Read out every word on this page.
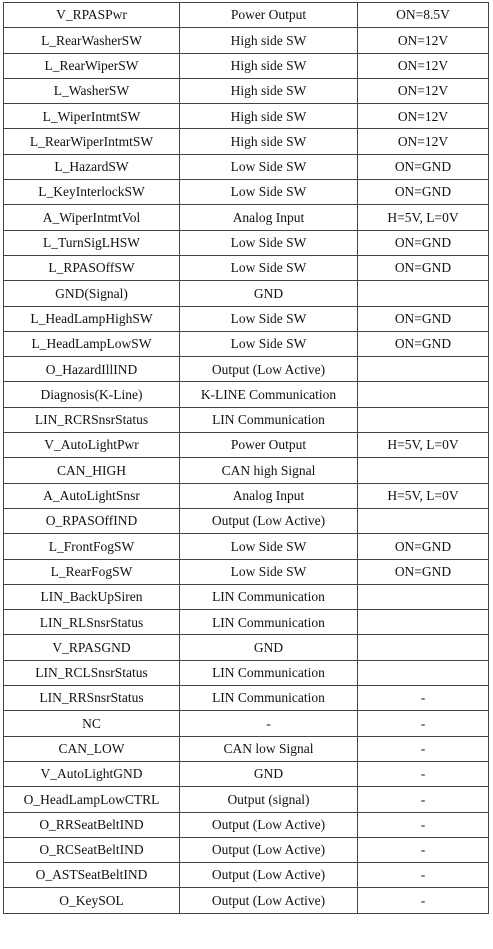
V_RPASPwr	Power Output	ON=8.5V
L_RearWasherSW	High side SW	ON=12V
L_RearWiperSW	High side SW	ON=12V
L_WasherSW	High side SW	ON=12V
L_WiperIntmtSW	High side SW	ON=12V
L_RearWiperIntmtSW	High side SW	ON=12V
L_HazardSW	Low Side SW	ON=GND
L_KeyInterlockSW	Low Side SW	ON=GND
A_WiperIntmtVol	Analog Input	H=5V, L=0V
L_TurnSigLHSW	Low Side SW	ON=GND
L_RPASOffSW	Low Side SW	ON=GND
GND(Signal)	GND	
L_HeadLampHighSW	Low Side SW	ON=GND
L_HeadLampLowSW	Low Side SW	ON=GND
O_HazardIllIND	Output (Low Active)	
Diagnosis(K-Line)	K-LINE Communication	
LIN_RCRSnsrStatus	LIN Communication	
V_AutoLightPwr	Power Output	H=5V, L=0V
CAN_HIGH	CAN high Signal	
A_AutoLightSnsr	Analog Input	H=5V, L=0V
O_RPASOffIND	Output (Low Active)	
L_FrontFogSW	Low Side SW	ON=GND
L_RearFogSW	Low Side SW	ON=GND
LIN_BackUpSiren	LIN Communication	
LIN_RLSnsrStatus	LIN Communication	
V_RPASGND	GND	
LIN_RCLSnsrStatus	LIN Communication	
LIN_RRSnsrStatus	LIN Communication	-
NC	-	-
CAN_LOW	CAN low Signal	-
V_AutoLightGND	GND	-
O_HeadLampLowCTRL	Output (signal)	-
O_RRSeatBeltIND	Output (Low Active)	-
O_RCSeatBeltIND	Output (Low Active)	-
O_ASTSeatBeltIND	Output (Low Active)	-
O_KeySOL	Output (Low Active)	-
